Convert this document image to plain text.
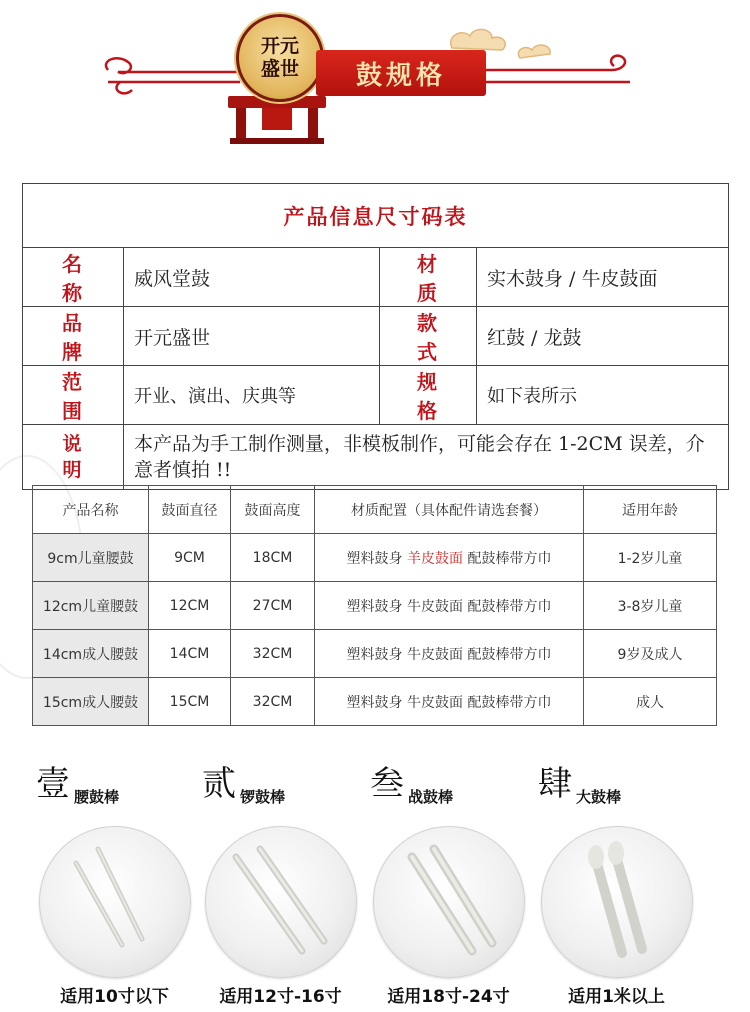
开元
盛世	鼓规格
产品信息尺寸码表			
名 称	威风堂鼓	材 质	实木鼓身 / 牛皮鼓面
品 牌	开元盛世	款 式	红鼓 / 龙鼓
范 围	开业、演出、庆典等	规 格	如下表所示
说 明	本产品为手工制作测量，非模板制作，可能会存在 1-2CM 误差，介意者慎拍 !!		
产品名称	鼓面直径	鼓面高度	材质配置（具体配件请选套餐）	适用年龄
9cm儿童腰鼓	9CM	18CM	塑料鼓身 羊皮鼓面 配鼓棒带方巾	1-2岁儿童
12cm儿童腰鼓	12CM	27CM	塑料鼓身 牛皮鼓面 配鼓棒带方巾	3-8岁儿童
14cm成人腰鼓	14CM	32CM	塑料鼓身 牛皮鼓面 配鼓棒带方巾	9岁及成人
15cm成人腰鼓	15CM	32CM	塑料鼓身 牛皮鼓面 配鼓棒带方巾	成人
壹 腰鼓棒
适用10寸以下
贰 锣鼓棒
适用12寸-16寸
叁 战鼓棒
适用18寸-24寸
肆 大鼓棒
适用1米以上
